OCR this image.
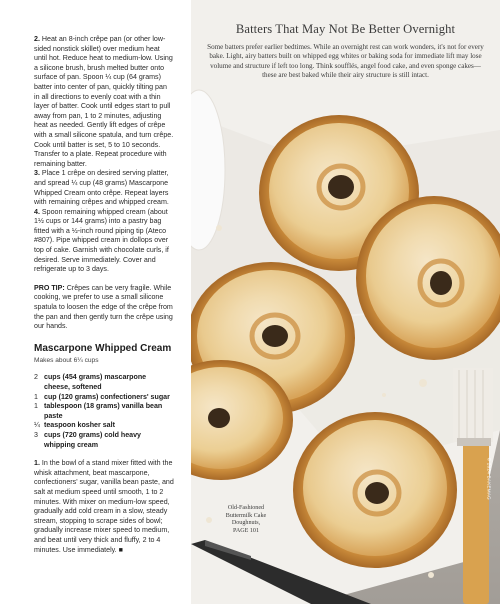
2. Heat an 8-inch crêpe pan (or other low-sided nonstick skillet) over medium heat until hot. Reduce heat to medium-low. Using a silicone brush, brush melted butter onto surface of pan. Spoon ¼ cup (64 grams) batter into center of pan, quickly tilting pan in all directions to evenly coat with a thin layer of batter. Cook until edges start to pull away from pan, 1 to 2 minutes, adjusting heat as needed. Gently lift edges of crêpe with a small silicone spatula, and turn crêpe. Cook until batter is set, 5 to 10 seconds. Transfer to a plate. Repeat procedure with remaining batter.

3. Place 1 crêpe on desired serving platter, and spread ¼ cup (48 grams) Mascarpone Whipped Cream onto crêpe. Repeat layers with remaining crêpes and whipped cream.

4. Spoon remaining whipped cream (about 1½ cups or 144 grams) into a pastry bag fitted with a ½-inch round piping tip (Ateco #807). Pipe whipped cream in dollops over top of cake. Garnish with chocolate curls, if desired. Serve immediately. Cover and refrigerate up to 3 days.

PRO TIP: Crêpes can be very fragile. While cooking, we prefer to use a small silicone spatula to loosen the edge of the crêpe from the pan and then gently turn the crêpe using our hands.

Mascarpone Whipped Cream
Makes about 6¼ cups
2 cups (454 grams) mascarpone cheese, softened
1 cup (120 grams) confectioners' sugar
1 tablespoon (18 grams) vanilla bean paste
¼ teaspoon kosher salt
3 cups (720 grams) cold heavy whipping cream

1. In the bowl of a stand mixer fitted with the whisk attachment, beat mascarpone, confectioners' sugar, vanilla bean paste, and salt at medium speed until smooth, 1 to 2 minutes. With mixer on medium-low speed, gradually add cold cream in a slow, steady stream, stopping to scrape sides of bowl; gradually increase mixer speed to medium, and beat until very thick and fluffy, 2 to 4 minutes. Use immediately. ■

Batters That May Not Be Better Overnight
Some batters prefer earlier bedtimes. While an overnight rest can work wonders, it's not for every bake. Light, airy batters built on whipped egg whites or baking soda for immediate lift may lose volume and structure if left too long. Think soufflés, angel food cake, and even sponge cakes—these are best baked while their airy structure is still intact.
Old-Fashioned
Buttermilk Cake
Doughnuts,
PAGE 101
© 2024 BAKEMAG
